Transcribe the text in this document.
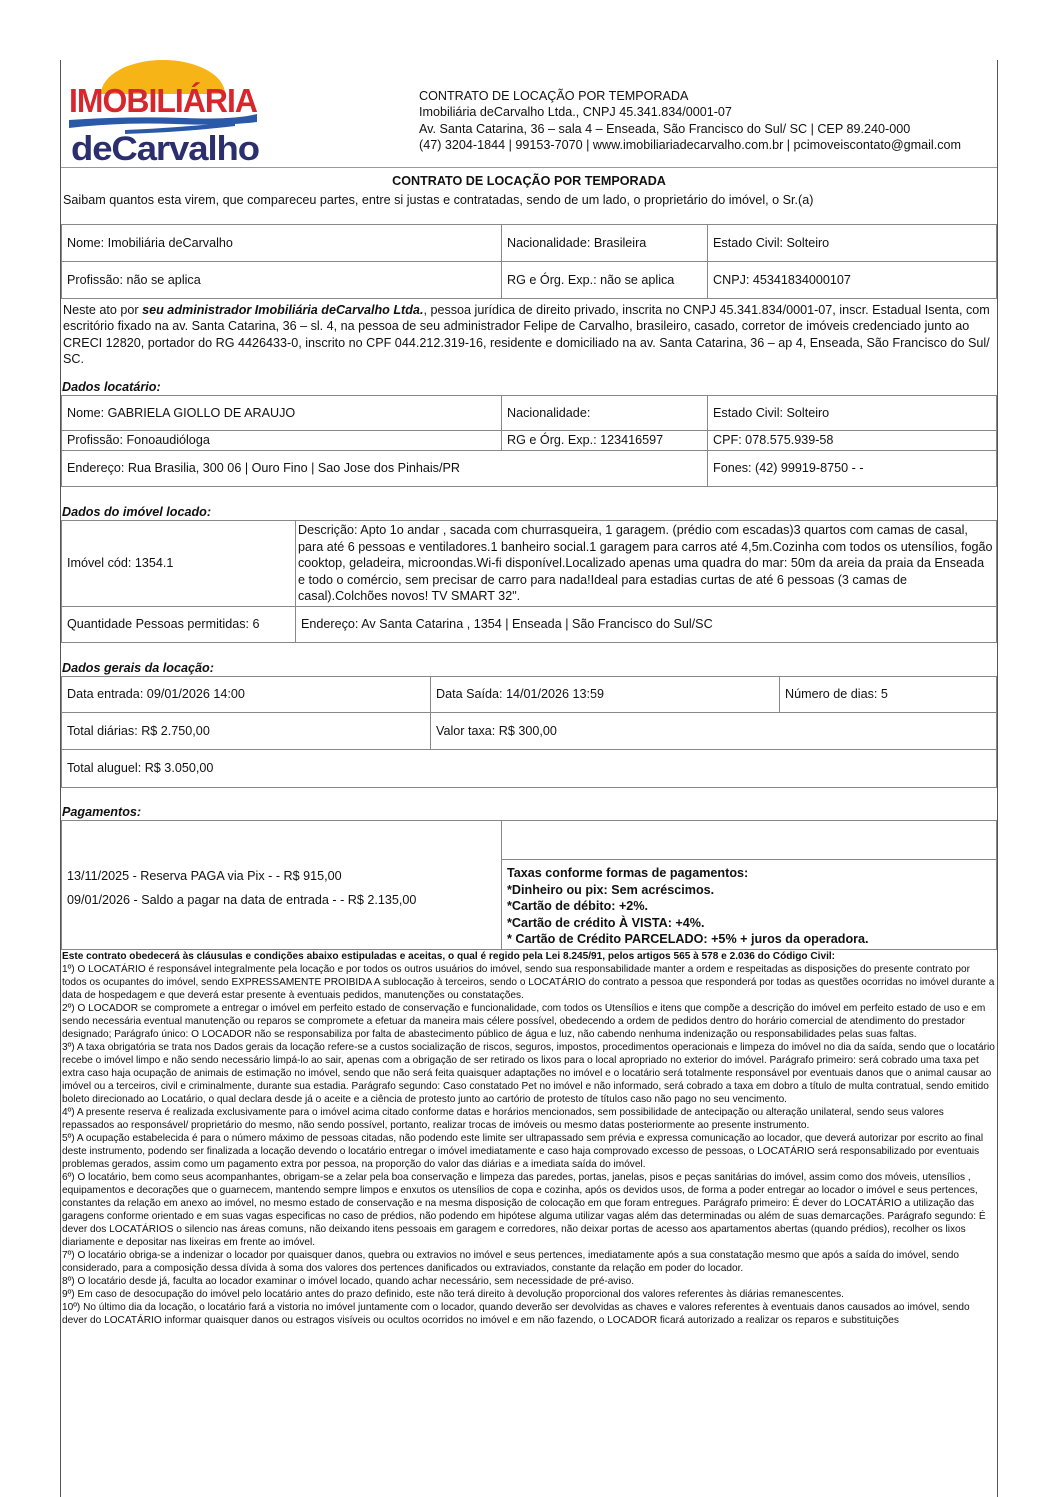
IMOBILIÁRIA
deCarvalho
CONTRATO DE LOCAÇÃO POR TEMPORADA
Imobiliária deCarvalho Ltda., CNPJ 45.341.834/0001-07
Av. Santa Catarina, 36 – sala 4 – Enseada, São Francisco do Sul/ SC | CEP 89.240-000
(47) 3204-1844 | 99153-7070 | www.imobiliariadecarvalho.com.br | pcimoveiscontato@gmail.com
CONTRATO DE LOCAÇÃO POR TEMPORADA
Saibam quantos esta virem, que compareceu partes, entre si justas e contratadas, sendo de um lado, o proprietário do imóvel, o Sr.(a)
Nome: Imobiliária deCarvalho	Nacionalidade: Brasileira	Estado Civil: Solteiro
Profissão: não se aplica	RG e Órg. Exp.: não se aplica	CNPJ: 45341834000107
Neste ato por seu administrador Imobiliária deCarvalho Ltda., pessoa jurídica de direito privado, inscrita no CNPJ 45.341.834/0001-07, inscr. Estadual Isenta, com escritório fixado na av. Santa Catarina, 36 – sl. 4, na pessoa de seu administrador Felipe de Carvalho, brasileiro, casado, corretor de imóveis credenciado junto ao CRECI 12820, portador do RG 4426433-0, inscrito no CPF 044.212.319-16, residente e domiciliado na av. Santa Catarina, 36 – ap 4, Enseada, São Francisco do Sul/ SC.
Dados locatário:
Nome: GABRIELA GIOLLO DE ARAUJO	Nacionalidade:	Estado Civil: Solteiro
Profissão: Fonoaudióloga	RG e Órg. Exp.: 123416597	CPF: 078.575.939-58
Endereço: Rua Brasilia, 300 06 | Ouro Fino | Sao Jose dos Pinhais/PR		Fones: (42) 99919-8750 - -
Dados do imóvel locado:
Imóvel cód: 1354.1	Descrição: Apto 1o andar , sacada com churrasqueira, 1 garagem. (prédio com escadas)3 quartos com camas de casal, para até 6 pessoas e ventiladores.1 banheiro social.1 garagem para carros até 4,5m.Cozinha com todos os utensílios, fogão cooktop, geladeira, microondas.Wi-fi disponível.Localizado apenas uma quadra do mar: 50m da areia da praia da Enseada e todo o comércio, sem precisar de carro para nada!Ideal para estadias curtas de até 6 pessoas (3 camas de casal).Colchões novos! TV SMART 32".
Quantidade Pessoas permitidas: 6	Endereço: Av Santa Catarina , 1354 | Enseada | São Francisco do Sul/SC
Dados gerais da locação:
Data entrada: 09/01/2026 14:00	Data Saída: 14/01/2026 13:59	Número de dias: 5
Total diárias: R$ 2.750,00	Valor taxa: R$ 300,00	
Total aluguel: R$ 3.050,00		
Pagamentos:
13/11/2025 - Reserva PAGA via Pix - - R$ 915,00
09/01/2026 - Saldo a pagar na data de entrada - - R$ 2.135,00

Taxas conforme formas de pagamentos:
*Dinheiro ou pix: Sem acréscimos.
*Cartão de débito: +2%.
*Cartão de crédito À VISTA: +4%.
* Cartão de Crédito PARCELADO: +5% + juros da operadora.

Este contrato obedecerá às cláusulas e condições abaixo estipuladas e aceitas, o qual é regido pela Lei 8.245/91, pelos artigos 565 à 578 e 2.036 do Código Civil:

1º) O LOCATÁRIO é responsável integralmente pela locação e por todos os outros usuários do imóvel, sendo sua responsabilidade manter a ordem e respeitadas as disposições do presente contrato por todos os ocupantes do imóvel, sendo EXPRESSAMENTE PROIBIDA A sublocação à terceiros, sendo o LOCATÁRIO do contrato a pessoa que responderá por todas as questões ocorridas no imóvel durante a data de hospedagem e que deverá estar presente à eventuais pedidos, manutenções ou constatações.

2º) O LOCADOR se compromete a entregar o imóvel em perfeito estado de conservação e funcionalidade, com todos os Utensílios e itens que compõe a descrição do imóvel em perfeito estado de uso e em sendo necessária eventual manutenção ou reparos se compromete a efetuar da maneira mais célere possível, obedecendo a ordem de pedidos dentro do horário comercial de atendimento do prestador designado; Parágrafo único: O LOCADOR não se responsabiliza por falta de abastecimento público de água e luz, não cabendo nenhuma indenização ou responsabilidades pelas suas faltas.

3º) A taxa obrigatória se trata nos Dados gerais da locação refere-se a custos socialização de riscos, seguros, impostos, procedimentos operacionais e limpeza do imóvel no dia da saída, sendo que o locatário recebe o imóvel limpo e não sendo necessário limpá-lo ao sair, apenas com a obrigação de ser retirado os lixos para o local apropriado no exterior do imóvel. Parágrafo primeiro: será cobrado uma taxa pet extra caso haja ocupação de animais de estimação no imóvel, sendo que não será feita quaisquer adaptações no imóvel e o locatário será totalmente responsável por eventuais danos que o animal causar ao imóvel ou a terceiros, civil e criminalmente, durante sua estadia. Parágrafo segundo: Caso constatado Pet no imóvel e não informado, será cobrado a taxa em dobro a título de multa contratual, sendo emitido boleto direcionado ao Locatário, o qual declara desde já o aceite e a ciência de protesto junto ao cartório de protesto de títulos caso não pago no seu vencimento.

4º) A presente reserva é realizada exclusivamente para o imóvel acima citado conforme datas e horários mencionados, sem possibilidade de antecipação ou alteração unilateral, sendo seus valores repassados ao responsável/ proprietário do mesmo, não sendo possível, portanto, realizar trocas de imóveis ou mesmo datas posteriormente ao presente instrumento.

5º) A ocupação estabelecida é para o número máximo de pessoas citadas, não podendo este limite ser ultrapassado sem prévia e expressa comunicação ao locador, que deverá autorizar por escrito ao final deste instrumento, podendo ser finalizada a locação devendo o locatário entregar o imóvel imediatamente e caso haja comprovado excesso de pessoas, o LOCATÁRIO será responsabilizado por eventuais problemas gerados, assim como um pagamento extra por pessoa, na proporção do valor das diárias e a imediata saída do imóvel.

6º) O locatário, bem como seus acompanhantes, obrigam-se a zelar pela boa conservação e limpeza das paredes, portas, janelas, pisos e peças sanitárias do imóvel, assim como dos móveis, utensílios , equipamentos e decorações que o guarnecem, mantendo sempre limpos e enxutos os utensílios de copa e cozinha, após os devidos usos, de forma a poder entregar ao locador o imóvel e seus pertences, constantes da relação em anexo ao imóvel, no mesmo estado de conservação e na mesma disposição de colocação em que foram entregues. Parágrafo primeiro: É dever do LOCATÁRIO a utilização das garagens conforme orientado e em suas vagas especificas no caso de prédios, não podendo em hipótese alguma utilizar vagas além das determinadas ou além de suas demarcações. Parágrafo segundo: É dever dos LOCATÁRIOS o silencio nas áreas comuns, não deixando itens pessoais em garagem e corredores, não deixar portas de acesso aos apartamentos abertas (quando prédios), recolher os lixos diariamente e depositar nas lixeiras em frente ao imóvel.

7º) O locatário obriga-se a indenizar o locador por quaisquer danos, quebra ou extravios no imóvel e seus pertences, imediatamente após a sua constatação mesmo que após a saída do imóvel, sendo considerado, para a composição dessa dívida à soma dos valores dos pertences danificados ou extraviados, constante da relação em poder do locador.

8º) O locatário desde já, faculta ao locador examinar o imóvel locado, quando achar necessário, sem necessidade de pré-aviso.

9º) Em caso de desocupação do imóvel pelo locatário antes do prazo definido, este não terá direito à devolução proporcional dos valores referentes às diárias remanescentes.

10º) No último dia da locação, o locatário fará a vistoria no imóvel juntamente com o locador, quando deverão ser devolvidas as chaves e valores referentes à eventuais danos causados ao imóvel, sendo dever do LOCATÁRIO informar quaisquer danos ou estragos visíveis ou ocultos ocorridos no imóvel e em não fazendo, o LOCADOR ficará autorizado a realizar os reparos e substituições
